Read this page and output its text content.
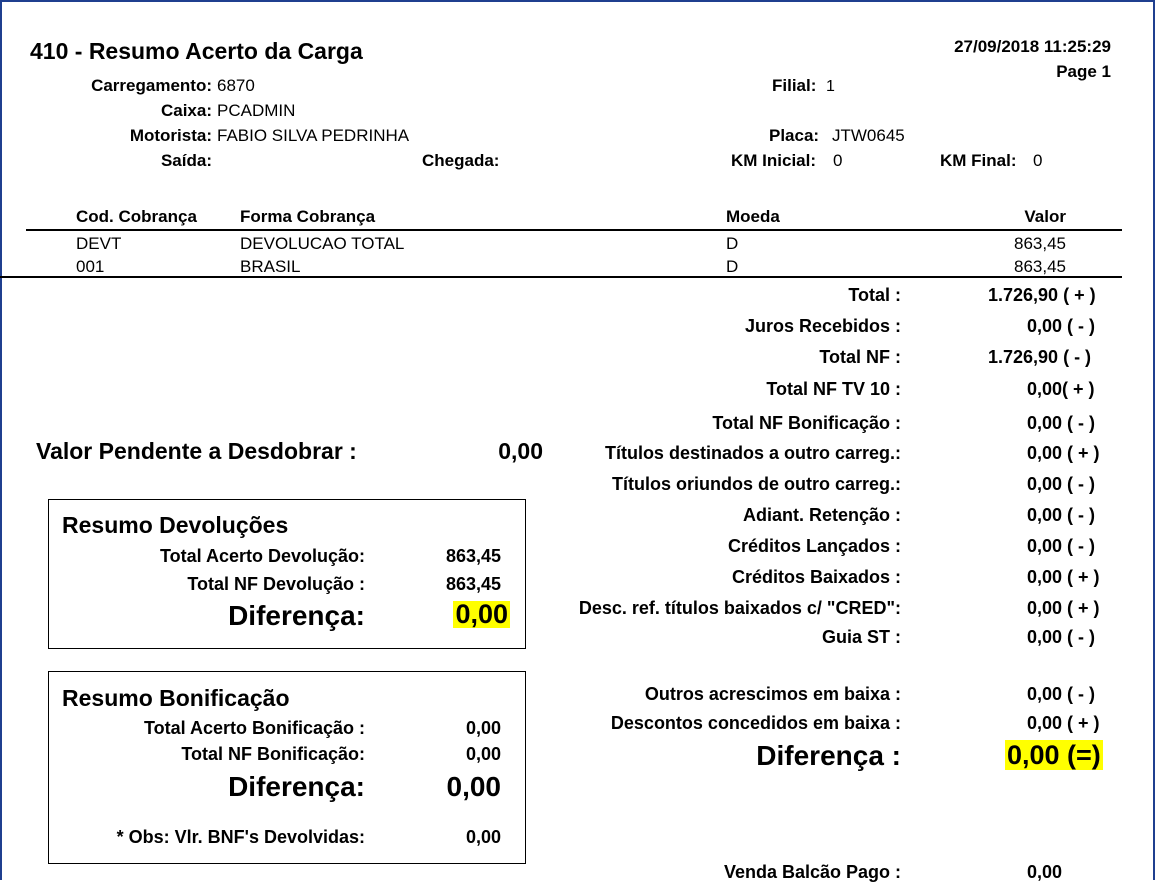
410 - Resumo Acerto da Carga	27/09/2018 11:25:29
Page 1
Carregamento: 6870	Filial: 1
Caixa: PCADMIN
Motorista: FABIO SILVA PEDRINHA	Placa: JTW0645
Saída:	Chegada:	KM Inicial: 0	KM Final: 0
Cod. Cobrança	Forma Cobrança	Moeda	Valor
DEVT	DEVOLUCAO TOTAL	D	863,45
001	BRASIL	D	863,45
Total :	1.726,90 ( + )
Juros Recebidos :	0,00 ( - )
Total NF :	1.726,90 ( - )
Total NF TV 10 :	0,00( + )
Total NF Bonificação :	0,00 ( - )
Títulos destinados a outro carreg.:	0,00 ( + )
Títulos oriundos de outro carreg.:	0,00 ( - )
Adiant. Retenção :	0,00 ( - )
Créditos Lançados :	0,00 ( - )
Créditos Baixados :	0,00 ( + )
Desc. ref. títulos baixados c/ "CRED":	0,00 ( + )
Guia ST :	0,00 ( - )
Outros acrescimos em baixa :	0,00 ( - )
Descontos concedidos em baixa :	0,00 ( + )
Diferença :	0,00 (=)
Venda Balcão Pago :	0,00
Valor Pendente a Desdobrar :	0,00
Resumo Devoluções
Total Acerto Devolução:	863,45
Total NF Devolução :	863,45
Diferença:	0,00
Resumo Bonificação
Total Acerto Bonificação :	0,00
Total NF Bonificação:	0,00
Diferença:	0,00
* Obs: Vlr. BNF's Devolvidas:	0,00
